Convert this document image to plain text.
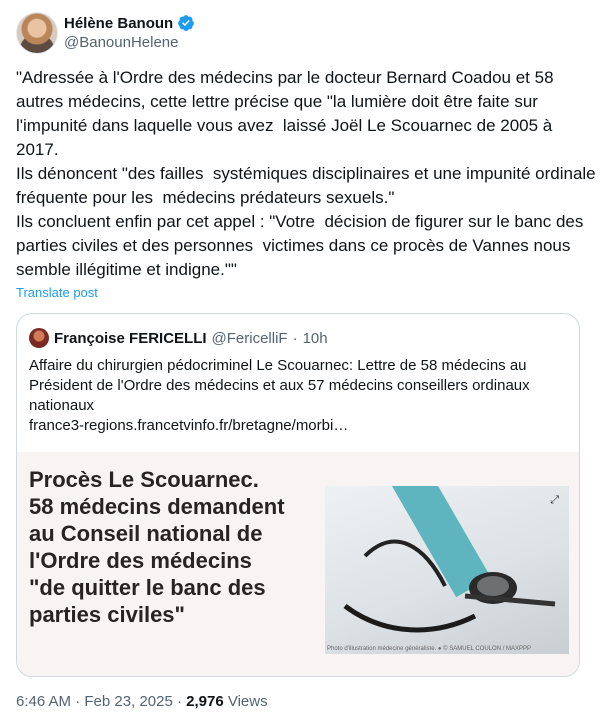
Hélène Banoun
@BanounHelene

"Adressée à l'Ordre des médecins par le docteur Bernard Coadou et 58 autres médecins, cette lettre précise que "la lumière doit être faite sur l'impunité dans laquelle vous avez  laissé Joël Le Scouarnec de 2005 à 2017.
Ils dénoncent "des failles  systémiques disciplinaires et une impunité ordinale fréquente pour les  médecins prédateurs sexuels."
Ils concluent enfin par cet appel : "Votre  décision de figurer sur le banc des parties civiles et des personnes  victimes dans ce procès de Vannes nous semble illégitime et indigne.""

Translate post
Françoise FERICELLI @FericelliF · 10h

Affaire du chirurgien pédocriminel Le Scouarnec: Lettre de 58 médecins au Président de l'Ordre des médecins et aux 57 médecins conseillers ordinaux nationaux
france3-regions.francetvinfo.fr/bretagne/morbi…

Procès Le Scouarnec.
58 médecins demandent au Conseil national de l'Ordre des médecins "de quitter le banc des parties civiles"

⤢
Photo d'illustration médecine généraliste. ● © SAMUEL COULON / MAXPPP
6:46 AM · Feb 23, 2025 · 2,976 Views
